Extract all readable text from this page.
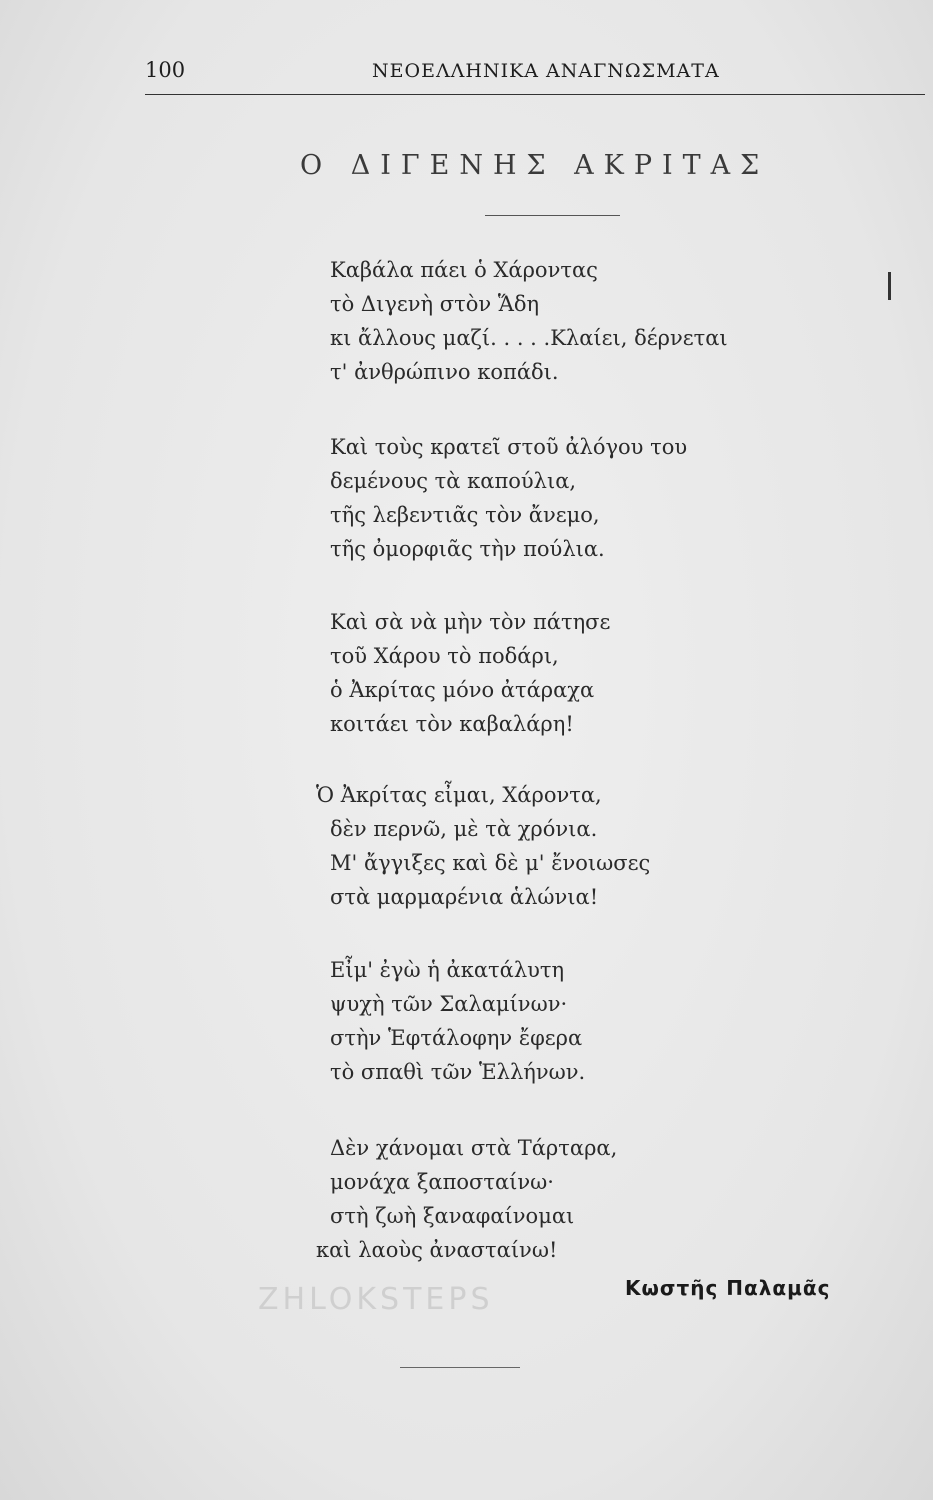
100	ΝΕΟΕΛΛΗΝΙΚΑ ΑΝΑΓΝΩΣΜΑΤΑ
Ο ΔΙΓΕΝΗΣ ΑΚΡΙΤΑΣ
Καβάλα πάει ὁ Χάροντας
τὸ Διγενὴ στὸν Ἅδη
κι ἄλλους μαζί. . . . .Κλαίει, δέρνεται
τ' ἀνθρώπινο κοπάδι.
Καὶ τοὺς κρατεῖ στοῦ ἀλόγου του
δεμένους τὰ καπούλια,
τῆς λεβεντιᾶς τὸν ἄνεμο,
τῆς ὀμορφιᾶς τὴν πούλια.
Καὶ σὰ νὰ μὴν τὸν πάτησε
τοῦ Χάρου τὸ ποδάρι,
ὁ Ἀκρίτας μόνο ἀτάραχα
κοιτάει τὸν καβαλάρη!
Ὁ Ἀκρίτας εἶμαι, Χάροντα,
δὲν περνῶ, μὲ τὰ χρόνια.
Μ' ἄγγιξες καὶ δὲ μ' ἔνοιωσες
στὰ μαρμαρένια ἁλώνια!
Εἶμ' ἐγὼ ἡ ἀκατάλυτη
ψυχὴ τῶν Σαλαμίνων·
στὴν Ἑφτάλοφην ἔφερα
τὸ σπαθὶ τῶν Ἑλλήνων.
Δὲν χάνομαι στὰ Τάρταρα,
μονάχα ξαποσταίνω·
στὴ ζωὴ ξαναφαίνομαι
καὶ λαοὺς ἀνασταίνω!
ZHLOKSTEPS	Κωστῆς Παλαμᾶς
